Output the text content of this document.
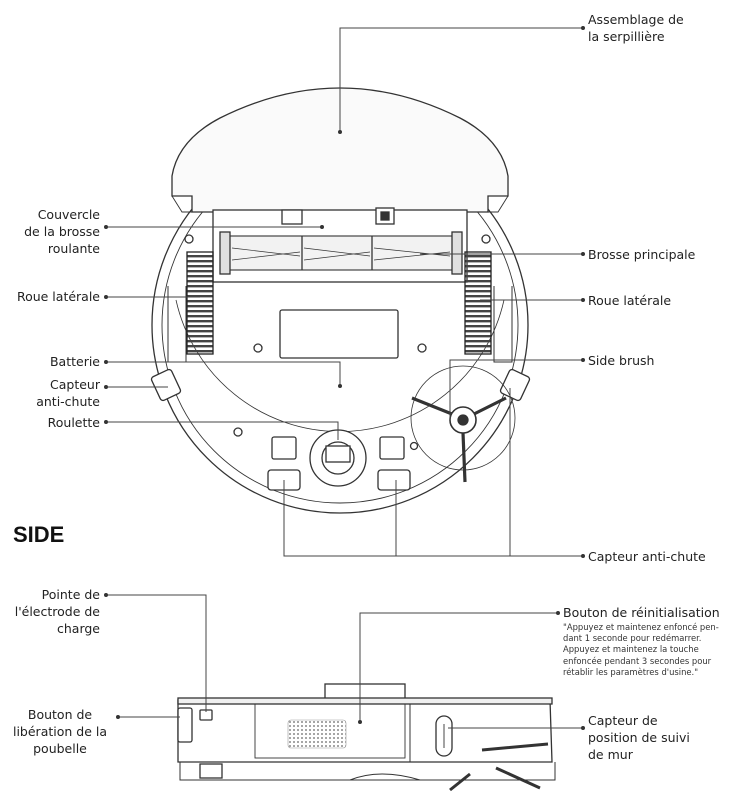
Assemblage de
la serpillière
Couvercle
de la brosse
roulante	Brosse principale
Roue latérale	Roue latérale
Batterie	Side brush
Capteur
anti-chute
Roulette
SIDE
Capteur anti-chute
Pointe de
l'électrode de
charge
Bouton de réinitialisation
"Appuyez et maintenez enfoncé pen-
dant 1 seconde pour redémarrer.
Appuyez et maintenez la touche
enfoncée pendant 3 secondes pour
rétablir les paramètres d'usine."
Bouton de
libération de la
poubelle
Capteur de
position de suivi
de mur
